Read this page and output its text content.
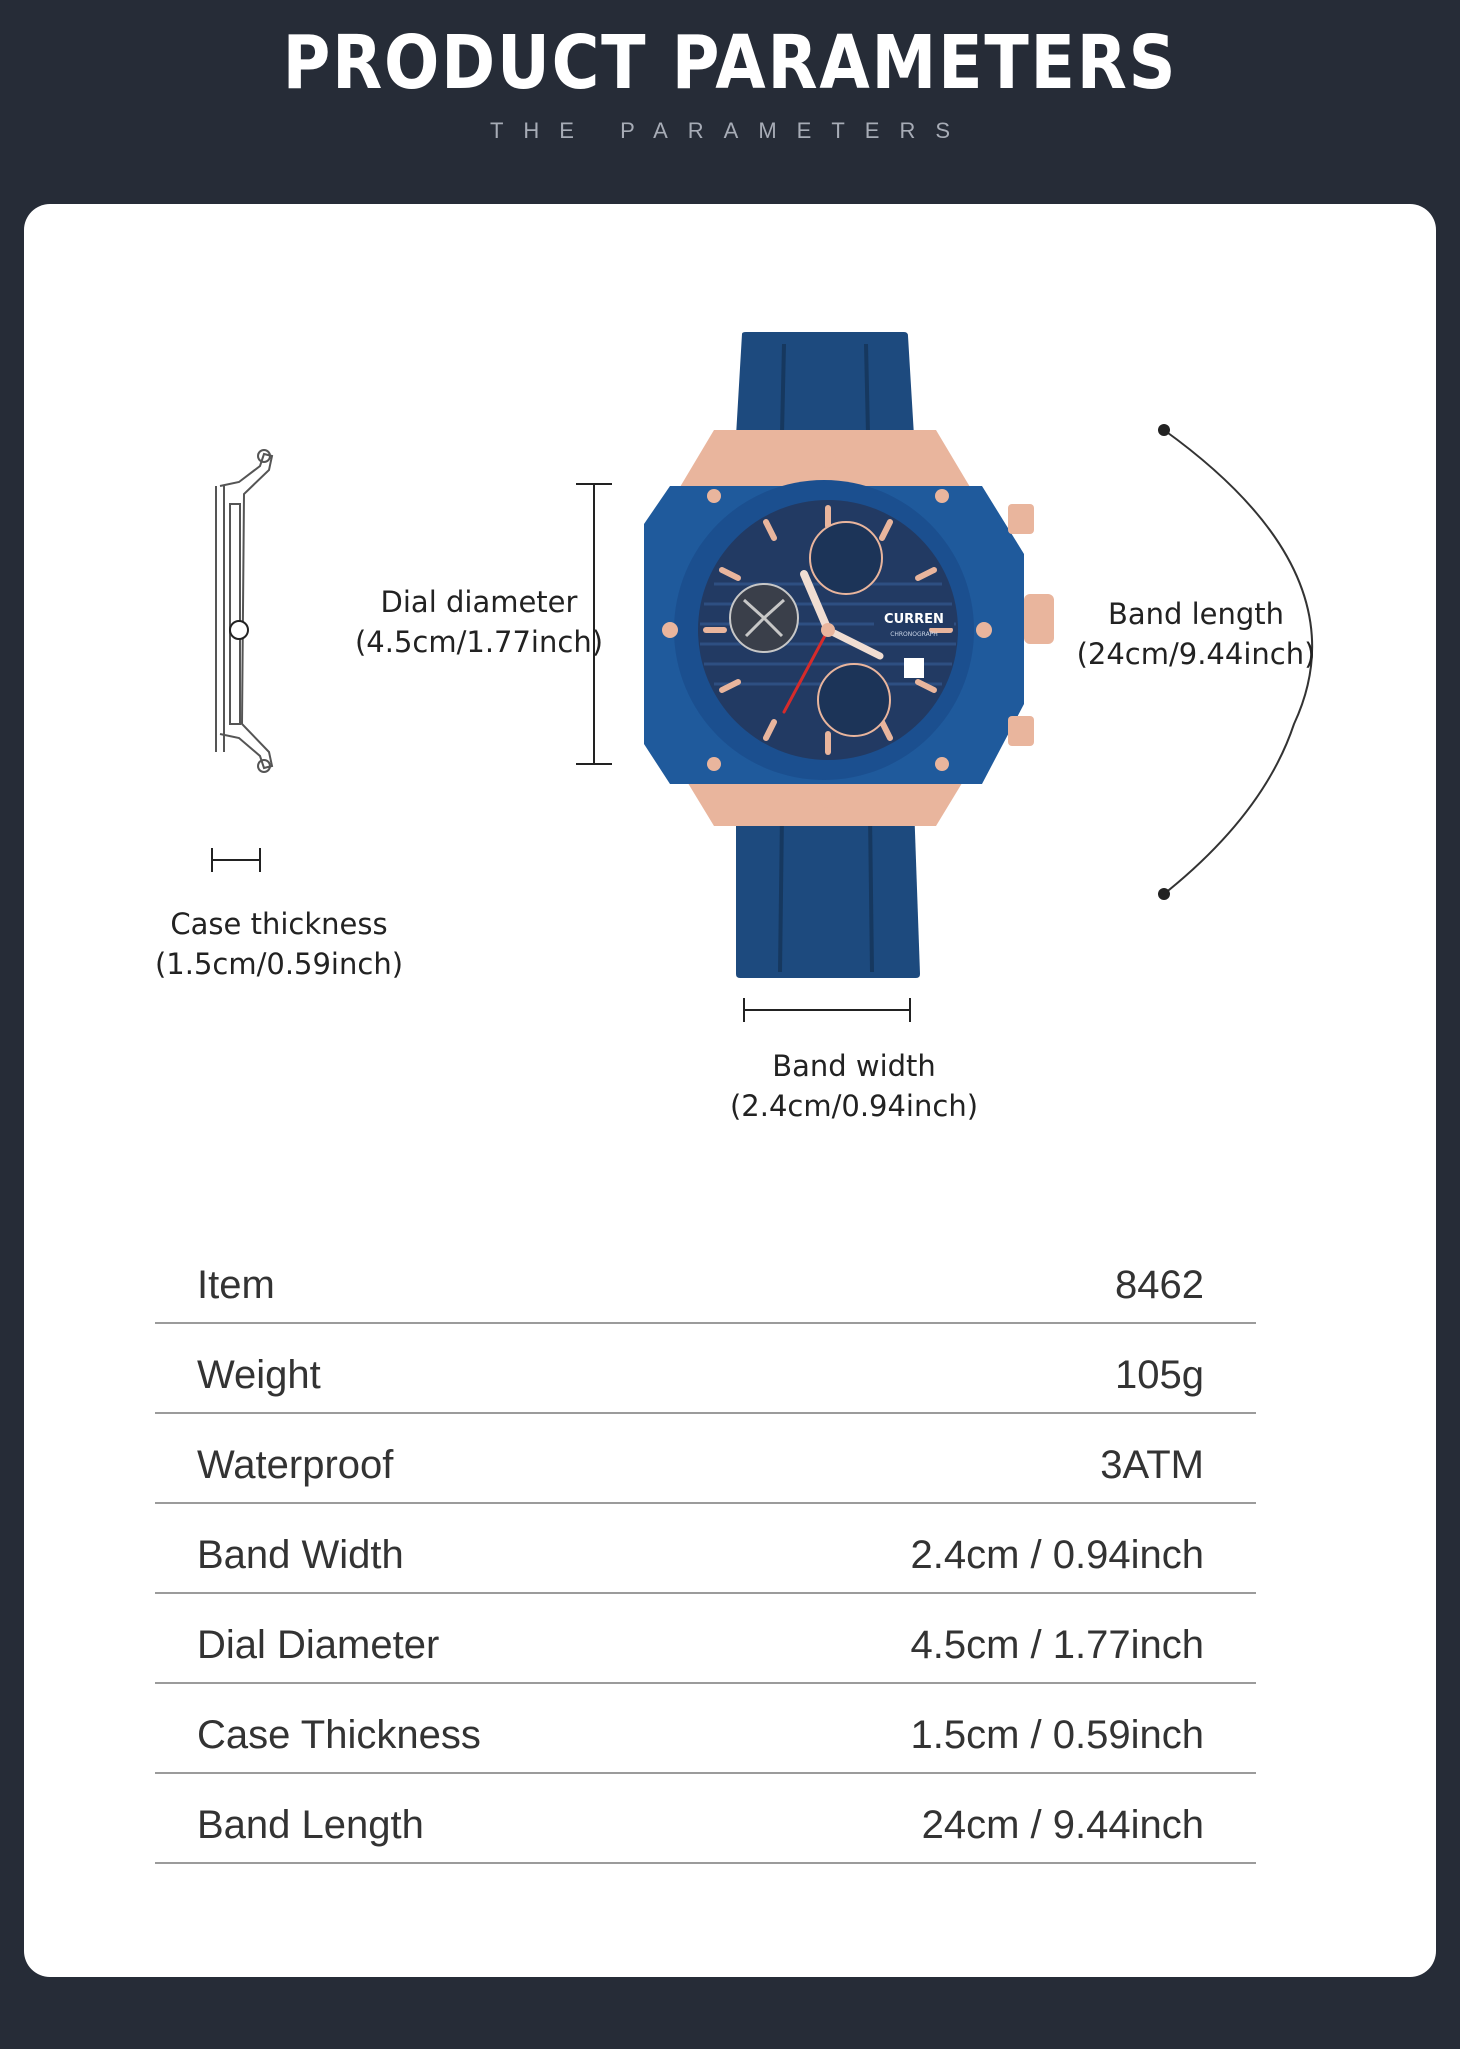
PRODUCT PARAMETERS
THE PARAMETERS
CURREN
CHRONOGRAPH
Dial diameter
(4.5cm/1.77inch)
Band length
(24cm/9.44inch)
Case thickness
(1.5cm/0.59inch)
Band width
(2.4cm/0.94inch)
Item	8462
Weight	105g
Waterproof	3ATM
Band Width	2.4cm / 0.94inch
Dial Diameter	4.5cm / 1.77inch
Case Thickness	1.5cm / 0.59inch
Band Length	24cm / 9.44inch
